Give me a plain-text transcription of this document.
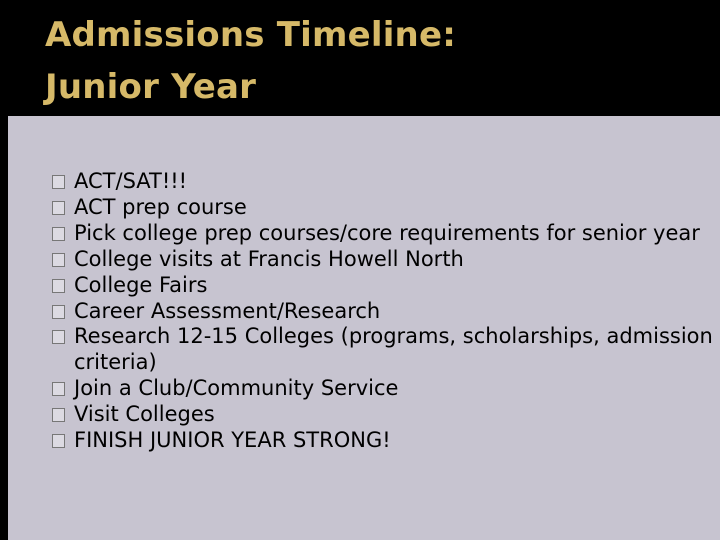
Admissions Timeline:
Junior Year
ACT/SAT!!!
ACT prep course
Pick college prep courses/core requirements for senior year
College visits at Francis Howell North
College Fairs
Career Assessment/Research
Research 12-15 Colleges (programs, scholarships, admission criteria)
Join a Club/Community Service
Visit Colleges
FINISH JUNIOR YEAR STRONG!
